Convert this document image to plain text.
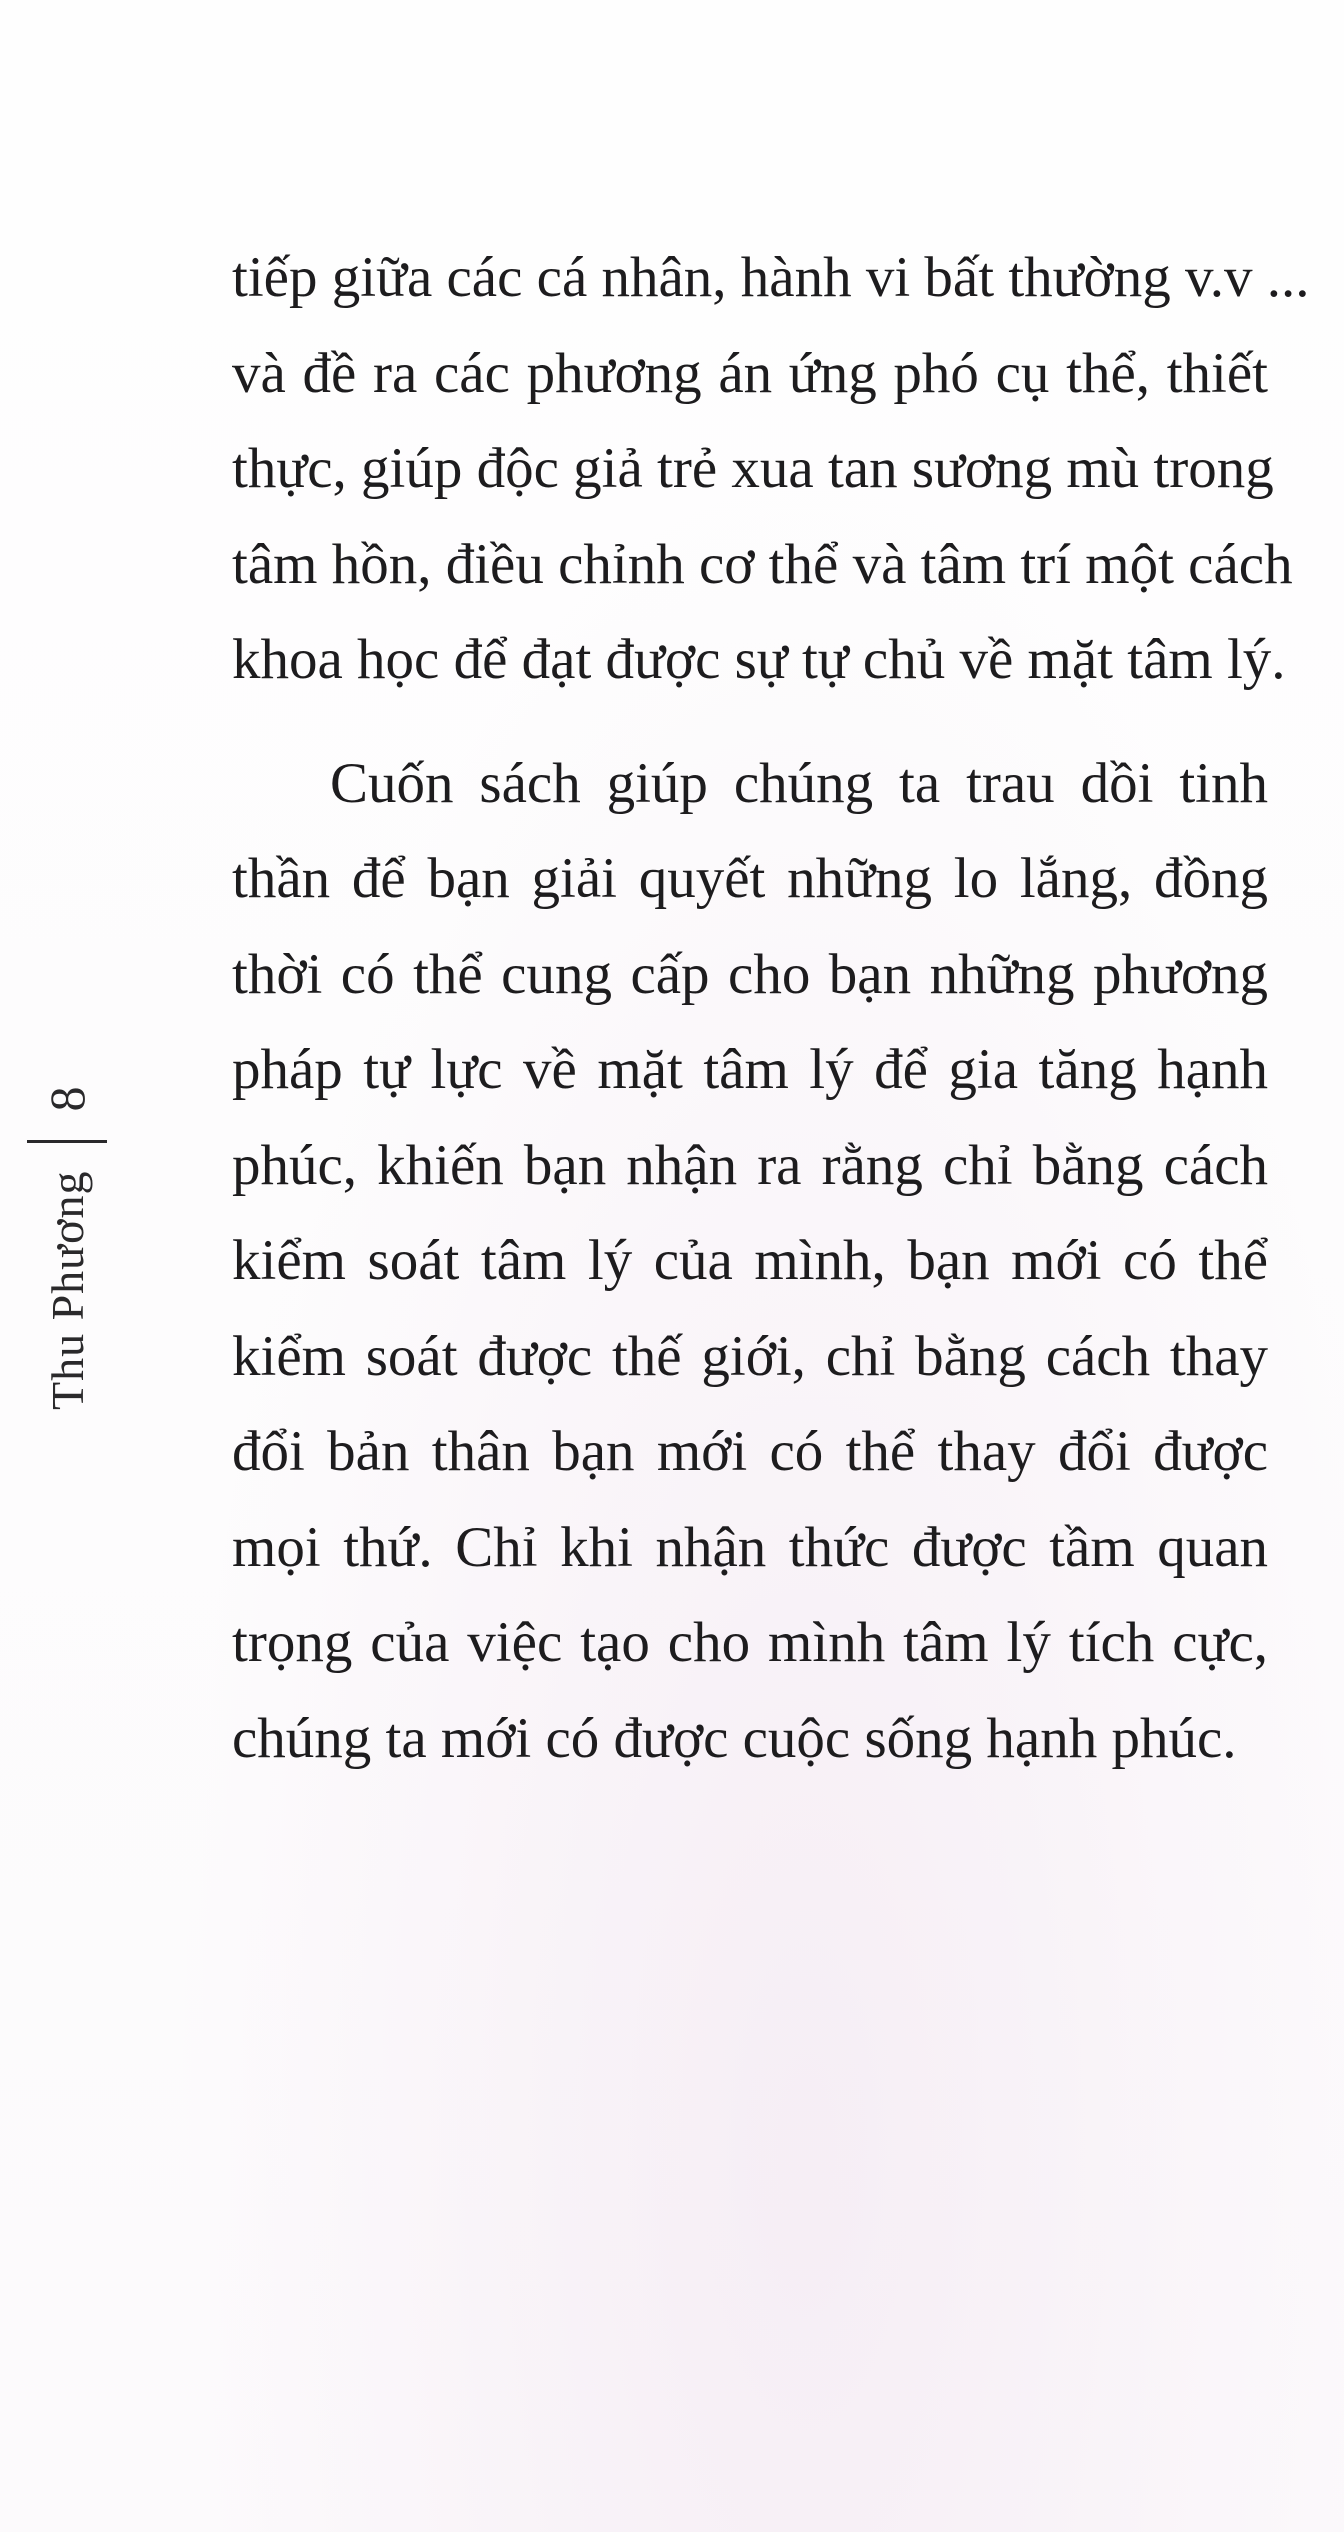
Thu Phương
8
tiếp giữa các cá nhân, hành vi bất thường v.v ...
và đề ra các phương án ứng phó cụ thể, thiết
thực, giúp độc giả trẻ xua tan sương mù trong
tâm hồn, điều chỉnh cơ thể và tâm trí một cách
khoa học để đạt được sự tự chủ về mặt tâm lý.
Cuốn sách giúp chúng ta trau dồi tinh
thần để bạn giải quyết những lo lắng, đồng
thời có thể cung cấp cho bạn những phương
pháp tự lực về mặt tâm lý để gia tăng hạnh
phúc, khiến bạn nhận ra rằng chỉ bằng cách
kiểm soát tâm lý của mình, bạn mới có thể
kiểm soát được thế giới, chỉ bằng cách thay
đổi bản thân bạn mới có thể thay đổi được
mọi thứ. Chỉ khi nhận thức được tầm quan
trọng của việc tạo cho mình tâm lý tích cực,
chúng ta mới có được cuộc sống hạnh phúc.
